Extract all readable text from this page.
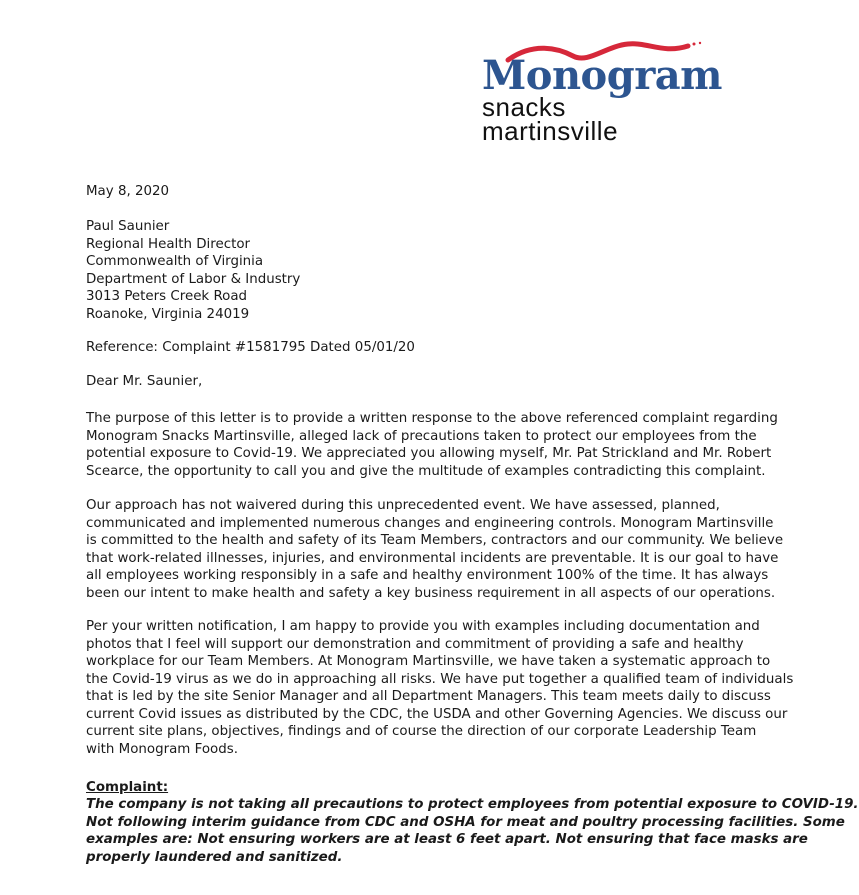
Monogram
snacks
martinsville
May 8, 2020
Paul Saunier
Regional Health Director
Commonwealth of Virginia
Department of Labor & Industry
3013 Peters Creek Road
Roanoke, Virginia 24019
Reference: Complaint #1581795 Dated 05/01/20
Dear Mr. Saunier,
The purpose of this letter is to provide a written response to the above referenced complaint regarding
Monogram Snacks Martinsville, alleged lack of precautions taken to protect our employees from the
potential exposure to Covid-19. We appreciated you allowing myself, Mr. Pat Strickland and Mr. Robert
Scearce, the opportunity to call you and give the multitude of examples contradicting this complaint.
Our approach has not waivered during this unprecedented event. We have assessed, planned,
communicated and implemented numerous changes and engineering controls. Monogram Martinsville
is committed to the health and safety of its Team Members, contractors and our community. We believe
that work-related illnesses, injuries, and environmental incidents are preventable. It is our goal to have
all employees working responsibly in a safe and healthy environment 100% of the time. It has always
been our intent to make health and safety a key business requirement in all aspects of our operations.
Per your written notification, I am happy to provide you with examples including documentation and
photos that I feel will support our demonstration and commitment of providing a safe and healthy
workplace for our Team Members. At Monogram Martinsville, we have taken a systematic approach to
the Covid-19 virus as we do in approaching all risks. We have put together a qualified team of individuals
that is led by the site Senior Manager and all Department Managers. This team meets daily to discuss
current Covid issues as distributed by the CDC, the USDA and other Governing Agencies. We discuss our
current site plans, objectives, findings and of course the direction of our corporate Leadership Team
with Monogram Foods.
Complaint:
The company is not taking all precautions to protect employees from potential exposure to COVID-19.
Not following interim guidance from CDC and OSHA for meat and poultry processing facilities. Some
examples are: Not ensuring workers are at least 6 feet apart. Not ensuring that face masks are
properly laundered and sanitized.
